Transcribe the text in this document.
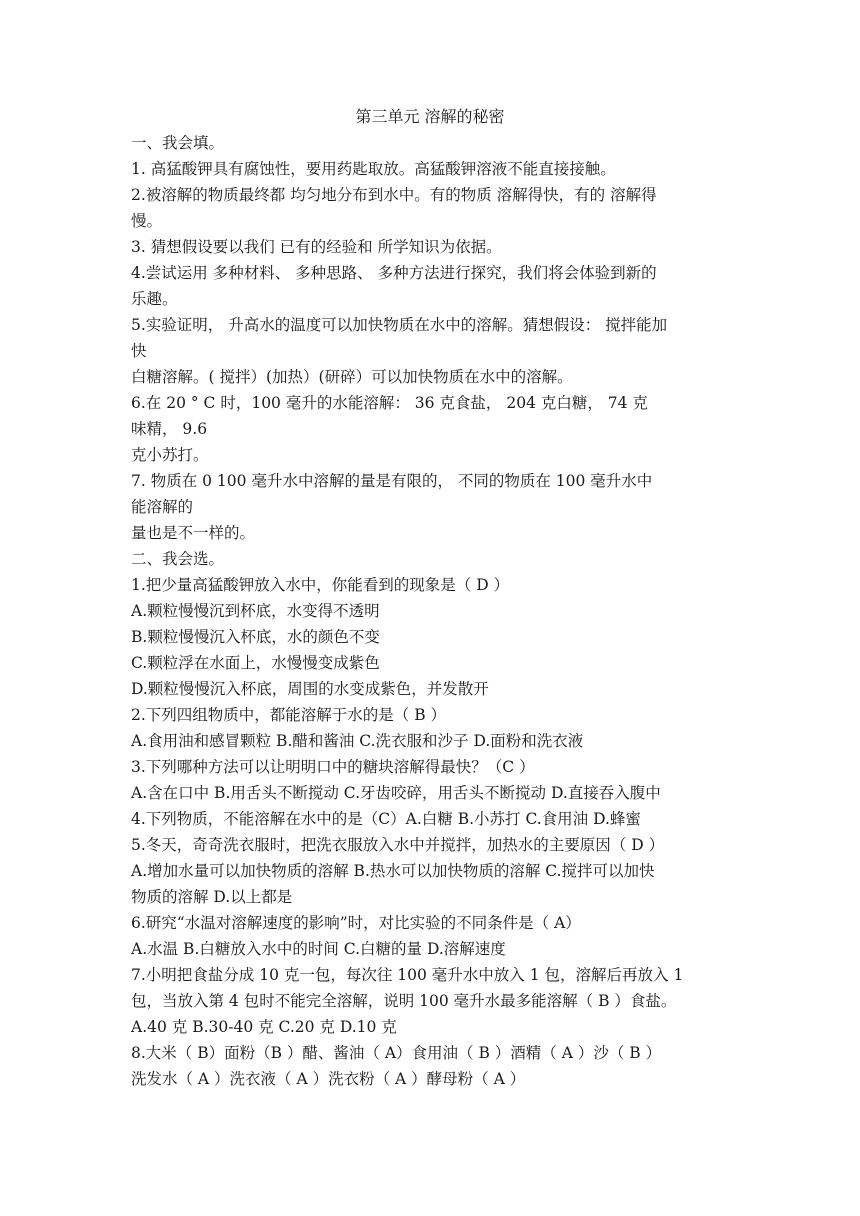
第三单元 溶解的秘密
一、我会填。
1. 高猛酸钾具有腐蚀性，要用药匙取放。高猛酸钾溶液不能直接接触。
2.被溶解的物质最终都 均匀地分布到水中。有的物质 溶解得快，有的 溶解得
慢。
3. 猜想假设要以我们 已有的经验和 所学知识为依据。
4.尝试运用 多种材料、 多种思路、 多种方法进行探究，我们将会体验到新的
乐趣。
5.实验证明， 升高水的温度可以加快物质在水中的溶解。猜想假设： 搅拌能加
快
白糖溶解。( 搅拌）(加热）(研碎）可以加快物质在水中的溶解。
6.在 20 ° C 时，100 毫升的水能溶解： 36 克食盐， 204 克白糖， 74 克
味精， 9.6
克小苏打。
7. 物质在 0 100 毫升水中溶解的量是有限的， 不同的物质在 100 毫升水中
能溶解的
量也是不一样的。
二、我会选。
1.把少量高猛酸钾放入水中，你能看到的现象是（ D ）
A.颗粒慢慢沉到杯底，水变得不透明
B.颗粒慢慢沉入杯底，水的颜色不变
C.颗粒浮在水面上，水慢慢变成紫色
D.颗粒慢慢沉入杯底，周围的水变成紫色，并发散开
2.下列四组物质中，都能溶解于水的是（ B ）
A.食用油和感冒颗粒 B.醋和酱油 C.洗衣服和沙子 D.面粉和洗衣液
3.下列哪种方法可以让明明口中的糖块溶解得最快？（C ）
A.含在口中 B.用舌头不断搅动 C.牙齿咬碎，用舌头不断搅动 D.直接吞入腹中
4.下列物质，不能溶解在水中的是（C）A.白糖 B.小苏打 C.食用油 D.蜂蜜
5.冬天，奇奇洗衣服时，把洗衣服放入水中并搅拌，加热水的主要原因（ D ）
A.增加水量可以加快物质的溶解 B.热水可以加快物质的溶解 C.搅拌可以加快
物质的溶解 D.以上都是
6.研究“水温对溶解速度的影响”时，对比实验的不同条件是（ A）
A.水温 B.白糖放入水中的时间 C.白糖的量 D.溶解速度
7.小明把食盐分成 10 克一包，每次往 100 毫升水中放入 1 包，溶解后再放入 1
包，当放入第 4 包时不能完全溶解，说明 100 毫升水最多能溶解（ B ）食盐。
A.40 克 B.30-40 克 C.20 克 D.10 克
8.大米（ B）面粉（B ）醋、酱油（ A）食用油（ B ）酒精（ A ）沙（ B ）
洗发水（ A ）洗衣液（ A ）洗衣粉（ A ）酵母粉（ A ）
